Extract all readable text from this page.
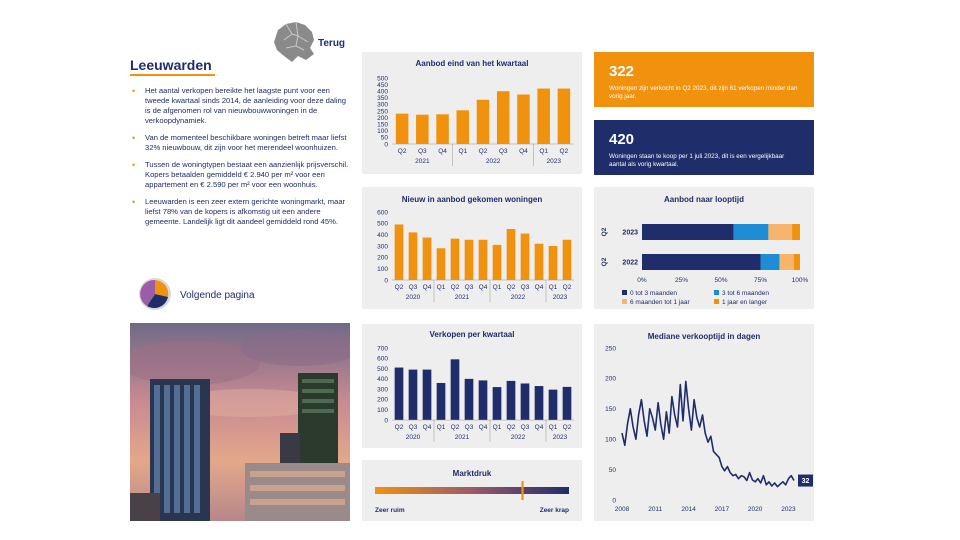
Terug
Leeuwarden
• Het aantal verkopen bereikte het laagste punt voor een tweede kwartaal sinds 2014, de aanleiding voor deze daling is de afgenomen rol van nieuwbouwwoningen in de verkoopdynamiek.
• Van de momenteel beschikbare woningen betreft maar liefst 32% nieuwbouw, dit zijn voor het merendeel woonhuizen.
• Tussen de woningtypen bestaat een aanzienlijk prijsverschil. Kopers betaalden gemiddeld € 2.940 per m² voor een appartement en € 2.590 per m² voor een woonhuis.
• Leeuwarden is een zeer extern gerichte woningmarkt, maar liefst 78% van de kopers is afkomstig uit een andere gemeente. Landelijk ligt dit aandeel gemiddeld rond 45%.
Volgende pagina
Aanbod eind van het kwartaal
0
50
100
150
200
250
300
350
400
450
500
Q2 Q3 Q4 Q1 Q2 Q3 Q4 Q1 Q2
2021	2022	2023
Nieuw in aanbod gekomen woningen
0
100
200
300
400
500
600
Q2 Q3 Q4 Q1 Q2 Q3 Q4 Q1 Q2 Q3 Q4 Q1 Q2
2020	2021	2022	2023
Verkopen per kwartaal
0
100
200
300
400
500
600
700
Q2 Q3 Q4 Q1 Q2 Q3 Q4 Q1 Q2 Q3 Q4 Q1 Q2
2020	2021	2022	2023
Marktdruk
Zeer ruim	Zeer krap
322
Woningen zijn verkocht in Q2 2023, dit zijn 61 verkopen minder dan vorig jaar.
420
Woningen staan te koop per 1 juli 2023, dit is een vergelijkbaar aantal als vorig kwartaal.
Aanbod naar looptijd
Q2 2023
Q2 2022
0%	25%	50%	75%	100%
0 tot 3 maanden	3 tot 6 maanden
6 maanden tot 1 jaar	1 jaar en langer
Mediane verkooptijd in dagen
0
50
100
150
200
250
2008	2011	2014	2017	2020	2023
32
